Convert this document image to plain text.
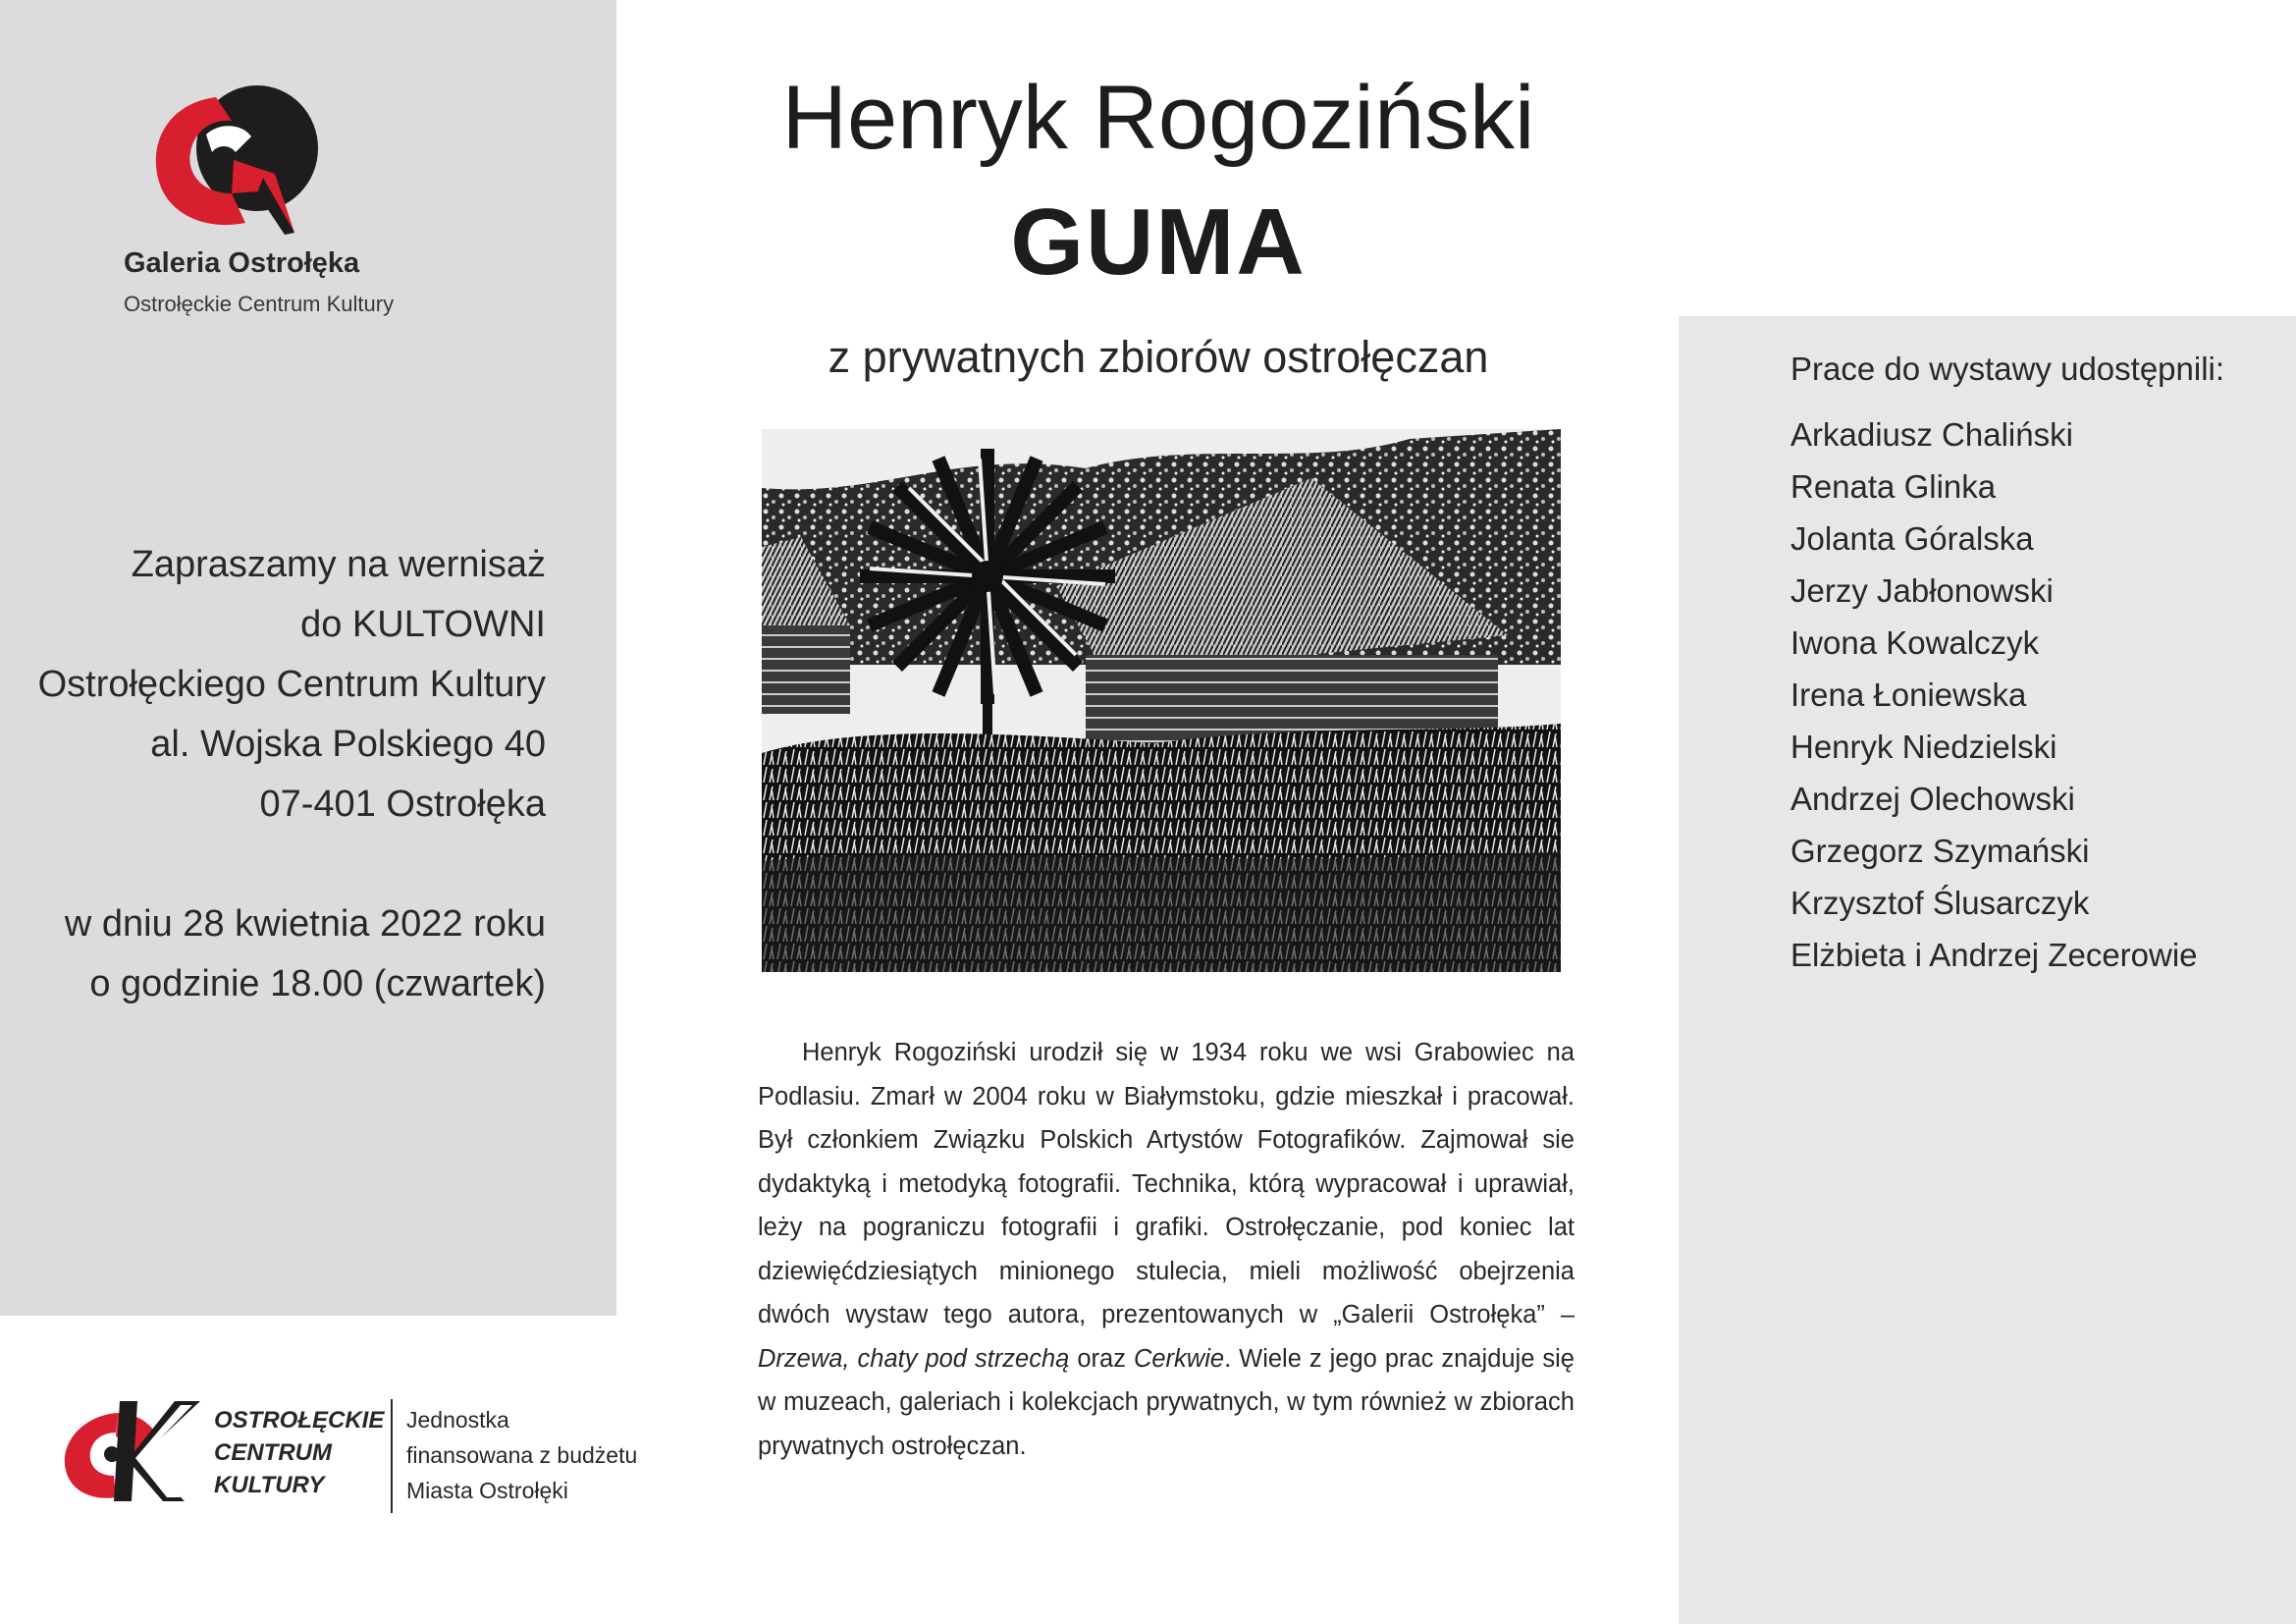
Galeria Ostrołęka
Ostrołęckie Centrum Kultury
Zapraszamy na wernisaż
do KULTOWNI
Ostrołęckiego Centrum Kultury
al. Wojska Polskiego 40
07-401 Ostrołęka
w dniu 28 kwietnia 2022 roku
o godzinie 18.00 (czwartek)
Henryk Rogoziński
GUMA
z prywatnych zbiorów ostrołęczan

Henryk Rogoziński urodził się w 1934 roku we wsi Grabowiec na Podlasiu. Zmarł w 2004 roku w Białymstoku, gdzie mieszkał i pracował. Był członkiem Związku Polskich Artystów Fotografików. Zajmował sie dydaktyką i metodyką fotografii. Technika, którą wypracował i uprawiał, leży na pograniczu fotografii i grafiki. Ostrołęczanie, pod koniec lat dziewięćdziesiątych minionego stulecia, mieli możliwość obejrzenia dwóch wystaw tego autora, prezentowanych w „Galerii Ostrołęka” – Drzewa, chaty pod strzechą oraz Cerkwie. Wiele z jego prac znajduje się w muzeach, galeriach i kolekcjach prywatnych, w tym również w zbiorach prywatnych ostrołęczan.

Prace do wystawy udostępnili:
Arkadiusz Chaliński
Renata Glinka
Jolanta Góralska
Jerzy Jabłonowski
Iwona Kowalczyk
Irena Łoniewska
Henryk Niedzielski
Andrzej Olechowski
Grzegorz Szymański
Krzysztof Ślusarczyk
Elżbieta i Andrzej Zecerowie
OSTROŁĘCKIE
CENTRUM
KULTURY
Jednostka
finansowana z budżetu
Miasta Ostrołęki
